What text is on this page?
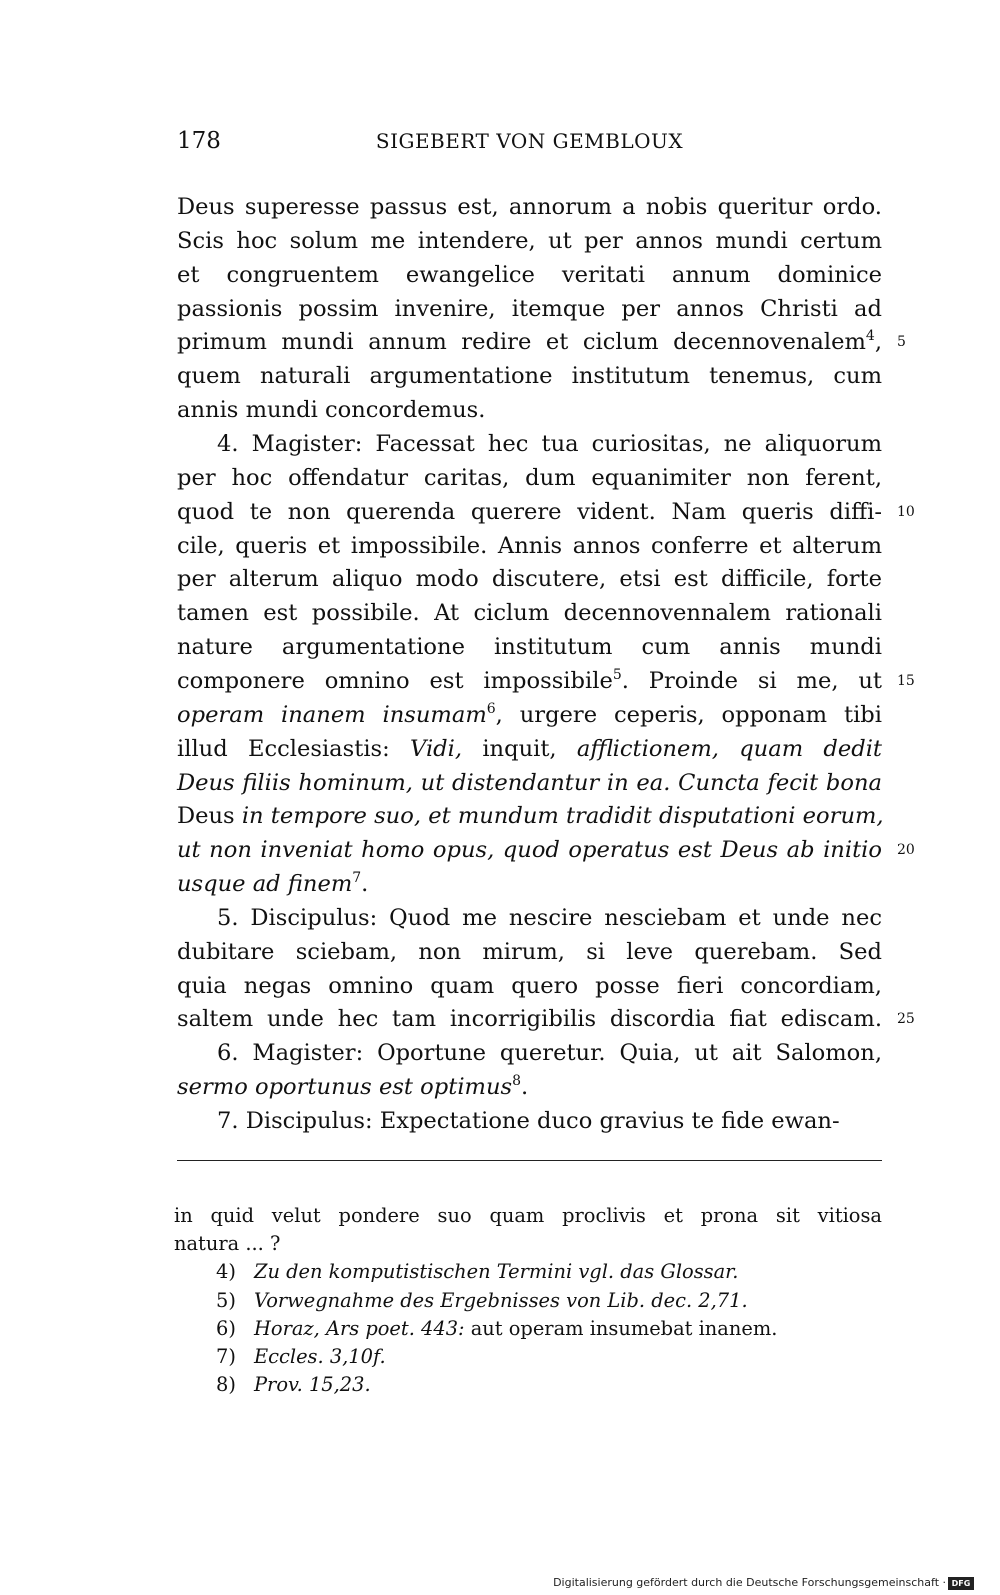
178	SIGEBERT VON GEMBLOUX
Deus superesse passus est, annorum a nobis queritur ordo.
Scis hoc solum me intendere, ut per annos mundi certum
et congruentem ewangelice veritati annum dominice
passionis possim invenire, itemque per annos Christi ad
primum mundi annum redire et ciclum decennovenalem$^4$, 5
quem naturali argumentatione institutum tenemus, cum
annis mundi concordemus.
4. Magister: Facessat hec tua curiositas, ne aliquorum
per hoc offendatur caritas, dum equanimiter non ferent,
quod te non querenda querere vident. Nam queris diffi- 10
cile, queris et impossibile. Annis annos conferre et alterum
per alterum aliquo modo discutere, etsi est difficile, forte
tamen est possibile. At ciclum decennovennalem rationali
nature argumentatione institutum cum annis mundi
componere omnino est impossibile$^5$. Proinde si me, ut 15
operam inanem insumam$^6$, urgere ceperis, opponam tibi
illud Ecclesiastis: Vidi, inquit, afflictionem, quam dedit
Deus filiis hominum, ut distendantur in ea. Cuncta fecit bona
Deus in tempore suo, et mundum tradidit disputationi eorum,
ut non inveniat homo opus, quod operatus est Deus ab initio 20
usque ad finem$^7$.
5. Discipulus: Quod me nescire nesciebam et unde nec
dubitare sciebam, non mirum, si leve querebam. Sed
quia negas omnino quam quero posse fieri concordiam,
saltem unde hec tam incorrigibilis discordia fiat ediscam. 25
6. Magister: Oportune queretur. Quia, ut ait Salomon,
sermo oportunus est optimus$^8$.
7. Discipulus: Expectatione duco gravius te fide ewan-
in quid velut pondere suo quam proclivis et prona sit vitiosa
natura ... ?
4) Zu den komputistischen Termini vgl. das Glossar.
5) Vorwegnahme des Ergebnisses von Lib. dec. 2,71.
6) Horaz, Ars poet. 443: aut operam insumebat inanem.
7) Eccles. 3,10f.
8) Prov. 15,23.
Digitalisierung gefördert durch die Deutsche Forschungsgemeinschaft · DFG
